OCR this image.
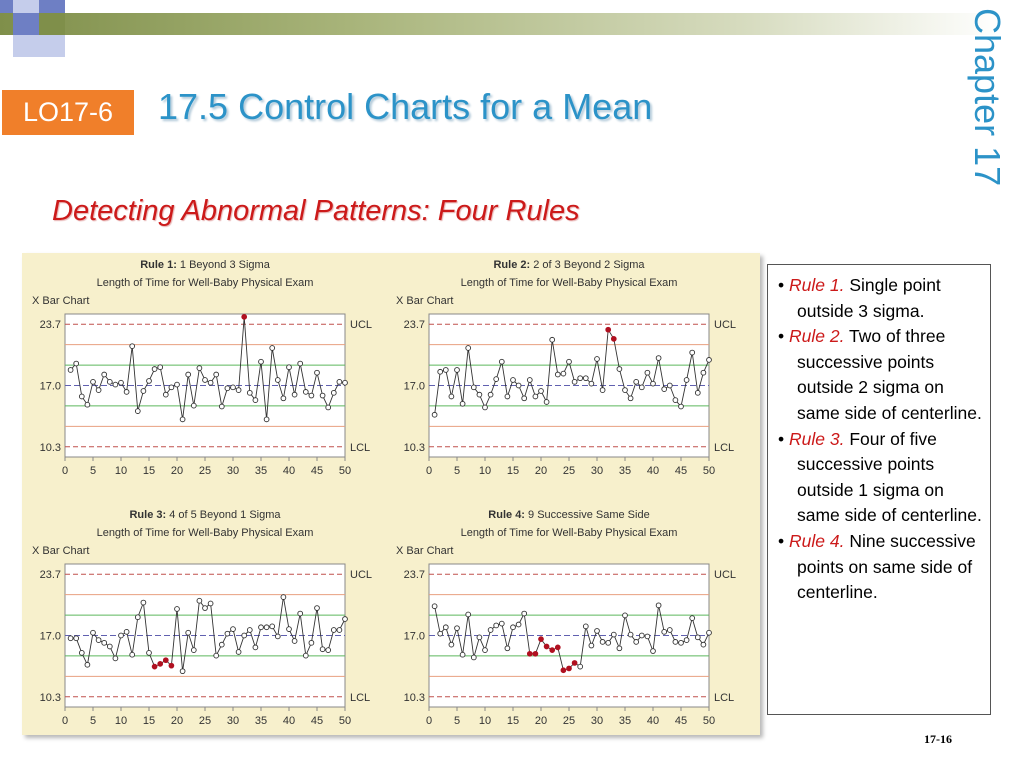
LO17-6	17.5 Control Charts for a Mean	Chapter 17
Detecting Abnormal Patterns: Four Rules
Rule 1: 1 Beyond 3 Sigma
Length of Time for Well-Baby Physical Exam
X Bar Chart
23.7
17.0
10.3
UCL
LCL
0 5 10 15 20 25 30 35 40 45 50
Rule 2: 2 of 3 Beyond 2 Sigma
Length of Time for Well-Baby Physical Exam
X Bar Chart
23.7
17.0
10.3
UCL
LCL
0 5 10 15 20 25 30 35 40 45 50
Rule 3: 4 of 5 Beyond 1 Sigma
Length of Time for Well-Baby Physical Exam
X Bar Chart
23.7
17.0
10.3
UCL
LCL
0 5 10 15 20 25 30 35 40 45 50
Rule 4: 9 Successive Same Side
Length of Time for Well-Baby Physical Exam
X Bar Chart
23.7
17.0
10.3
UCL
LCL
0 5 10 15 20 25 30 35 40 45 50
• Rule 1. Single point outside 3 sigma.
• Rule 2. Two of three successive points outside 2 sigma on same side of centerline.
• Rule 3. Four of five successive points outside 1 sigma on same side of centerline.
• Rule 4. Nine successive points on same side of centerline.
17-16
